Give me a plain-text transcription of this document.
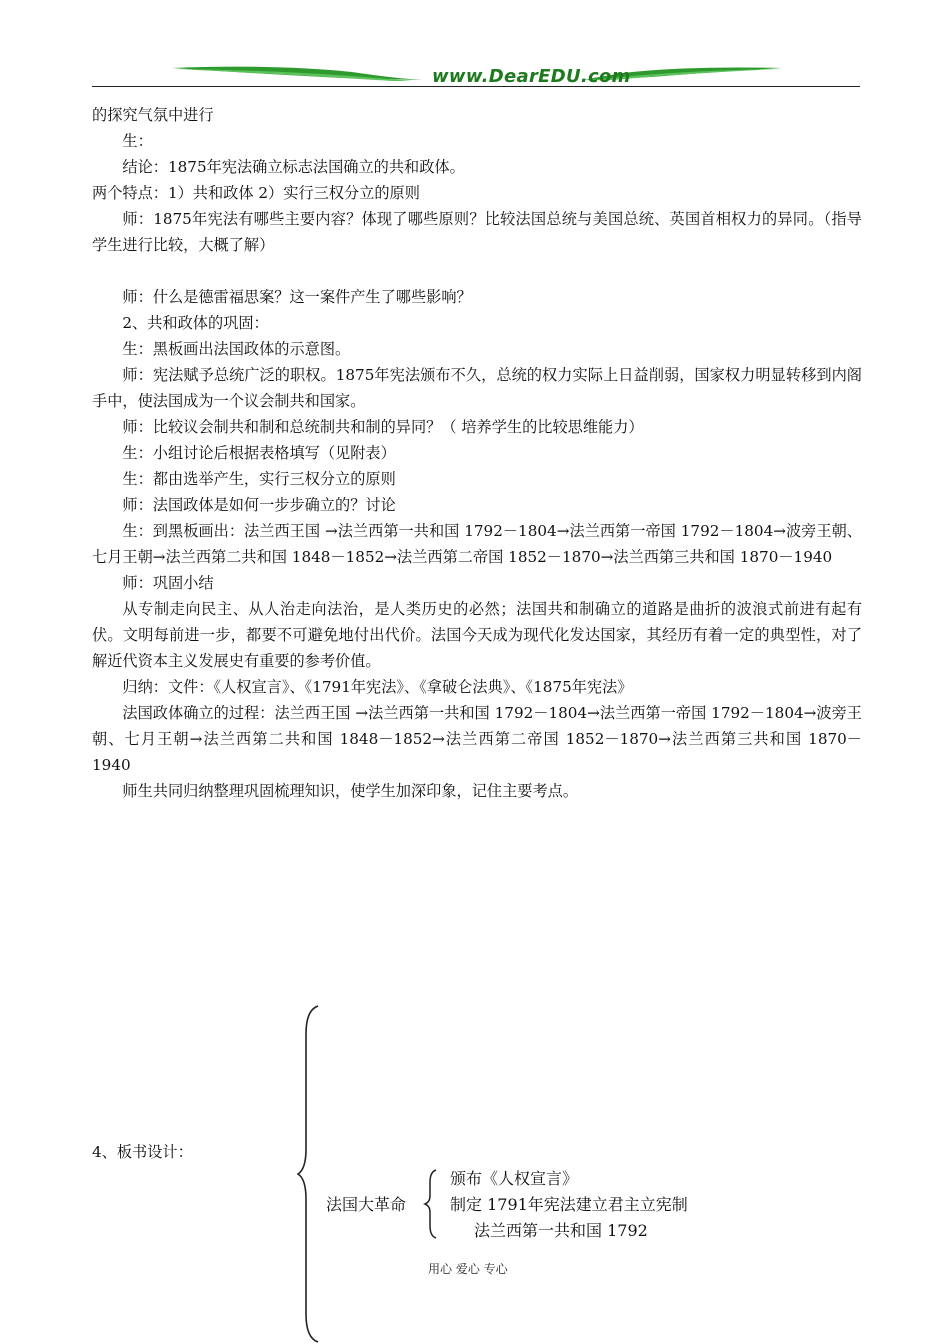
www.DearEDU.com

的探究气氛中进行

生：

结论：1875年宪法确立标志法国确立的共和政体。

两个特点：1）共和政体 2）实行三权分立的原则

师：1875年宪法有哪些主要内容？体现了哪些原则？比较法国总统与美国总统、英国首相权力的异同。（指导学生进行比较，大概了解）

师：什么是德雷福思案？这一案件产生了哪些影响？

2、共和政体的巩固：

生：黑板画出法国政体的示意图。

师：宪法赋予总统广泛的职权。1875年宪法颁布不久，总统的权力实际上日益削弱，国家权力明显转移到内阁手中，使法国成为一个议会制共和国家。

师：比较议会制共和制和总统制共和制的异同？（ 培养学生的比较思维能力）

生：小组讨论后根据表格填写（见附表）

生：都由选举产生，实行三权分立的原则

师：法国政体是如何一步步确立的？讨论

生：到黑板画出：法兰西王国 →法兰西第一共和国 1792－1804→法兰西第一帝国 1792－1804→波旁王朝、七月王朝→法兰西第二共和国 1848－1852→法兰西第二帝国 1852－1870→法兰西第三共和国 1870－1940

师：巩固小结

从专制走向民主、从人治走向法治，是人类历史的必然；法国共和制确立的道路是曲折的波浪式前进有起有伏。文明每前进一步，都要不可避免地付出代价。法国今天成为现代化发达国家，其经历有着一定的典型性，对了解近代资本主义发展史有重要的参考价值。

归纳：文件：《人权宣言》、《1791年宪法》、《拿破仑法典》、《1875年宪法》

法国政体确立的过程：法兰西王国 →法兰西第一共和国 1792－1804→法兰西第一帝国 1792－1804→波旁王朝、七月王朝→法兰西第二共和国 1848－1852→法兰西第二帝国 1852－1870→法兰西第三共和国 1870－1940

师生共同归纳整理巩固梳理知识，使学生加深印象，记住主要考点。

4、板书设计：
法国大革命
颁布《人权宣言》
制定 1791年宪法建立君主立宪制
法兰西第一共和国 1792
用心 爱心 专心
